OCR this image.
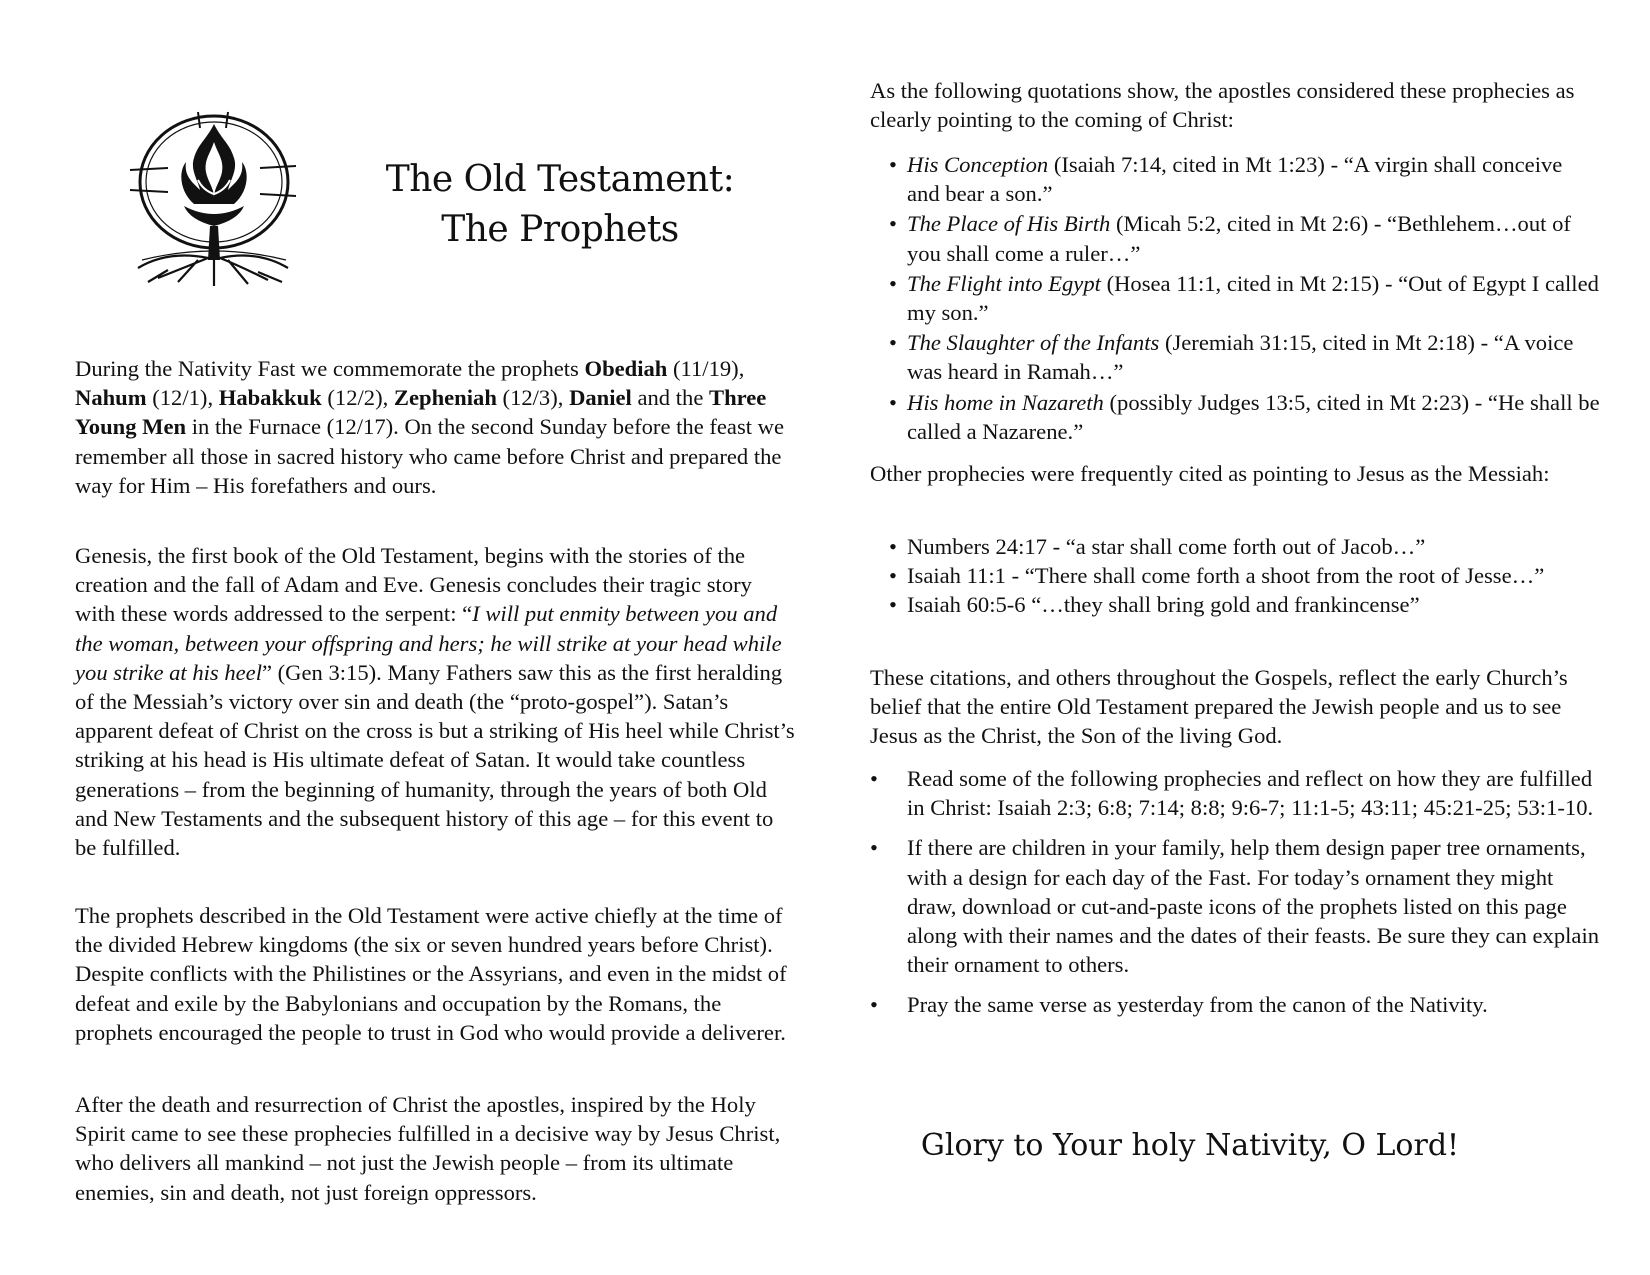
The Old Testament:
The Prophets

During the Nativity Fast we commemorate the prophets Obediah (11/19), Nahum (12/1), Habakkuk (12/2), Zepheniah (12/3), Daniel and the Three Young Men in the Furnace (12/17). On the second Sunday before the feast we remember all those in sacred history who came before Christ and prepared the way for Him – His forefathers and ours.

Genesis, the first book of the Old Testament, begins with the stories of the creation and the fall of Adam and Eve. Genesis concludes their tragic story with these words addressed to the serpent: “I will put enmity between you and the woman, between your offspring and hers; he will strike at your head while you strike at his heel” (Gen 3:15). Many Fathers saw this as the first heralding of the Messiah’s victory over sin and death (the “proto-gospel”). Satan’s apparent defeat of Christ on the cross is but a striking of His heel while Christ’s striking at his head is His ultimate defeat of Satan. It would take countless generations – from the beginning of humanity, through the years of both Old and New Testaments and the subsequent history of this age – for this event to be fulfilled.

The prophets described in the Old Testament were active chiefly at the time of the divided Hebrew kingdoms (the six or seven hundred years before Christ). Despite conflicts with the Philistines or the Assyrians, and even in the midst of defeat and exile by the Babylonians and occupation by the Romans, the prophets encouraged the people to trust in God who would provide a deliverer.

After the death and resurrection of Christ the apostles, inspired by the Holy Spirit came to see these prophecies fulfilled in a decisive way by Jesus Christ, who delivers all mankind – not just the Jewish people – from its ultimate enemies, sin and death, not just foreign oppressors.

As the following quotations show, the apostles considered these prophecies as clearly pointing to the coming of Christ:

• His Conception (Isaiah 7:14, cited in Mt 1:23) - “A virgin shall conceive and bear a son.”
• The Place of His Birth (Micah 5:2, cited in Mt 2:6) - “Bethlehem…out of you shall come a ruler…”
• The Flight into Egypt (Hosea 11:1, cited in Mt 2:15) - “Out of Egypt I called my son.”
• The Slaughter of the Infants (Jeremiah 31:15, cited in Mt 2:18) - “A voice was heard in Ramah…”
• His home in Nazareth (possibly Judges 13:5, cited in Mt 2:23) - “He shall be called a Nazarene.”

Other prophecies were frequently cited as pointing to Jesus as the Messiah:

• Numbers 24:17 - “a star shall come forth out of Jacob…”
• Isaiah 11:1 - “There shall come forth a shoot from the root of Jesse…”
• Isaiah 60:5-6 “…they shall bring gold and frankincense”

These citations, and others throughout the Gospels, reflect the early Church’s belief that the entire Old Testament prepared the Jewish people and us to see Jesus as the Christ, the Son of the living God.

• Read some of the following prophecies and reflect on how they are fulfilled in Christ: Isaiah 2:3; 6:8; 7:14; 8:8; 9:6-7; 11:1-5; 43:11; 45:21-25; 53:1-10.
• If there are children in your family, help them design paper tree ornaments, with a design for each day of the Fast. For today’s ornament they might draw, download or cut-and-paste icons of the prophets listed on this page along with their names and the dates of their feasts. Be sure they can explain their ornament to others.
• Pray the same verse as yesterday from the canon of the Nativity.
Glory to Your holy Nativity, O Lord!
